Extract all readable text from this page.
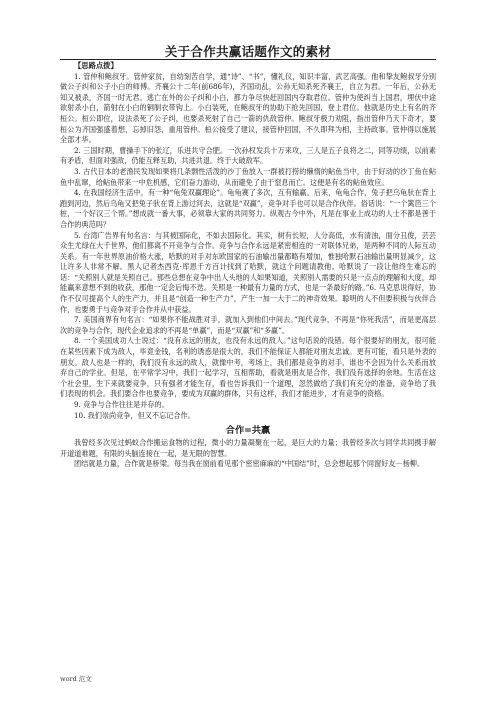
关于合作共赢话题作文的素材
【思路点拨】

1. 管仲和鲍叔牙。管仲家贫，自幼刻苦自学，通“诗”、“书”，懂礼仪，知识丰富，武艺高强。他和挚友鲍叔牙分别做公子纠和公子小白的师傅。齐襄公十二年(前686年)，齐国动乱，公孙无知杀死齐襄王，自立为君。一年后，公孙无知又被杀，齐国一时无君。逃亡在外的公子纠和小白，都力争尽快赶回国内夺取君位。管仲为使纠当上国君，埋伏中途欲射杀小白，箭射在小白的铜制衣带钩上。小白装死，在鲍叔牙的协助下抢先回国，登上君位。他就是历史上有名的齐桓公。桓公即位，设法杀死了公子纠，也要杀死射了自己一箭的仇敌管仲。鲍叔牙极力劝阻，指出管仲乃天下奇才，要桓公为齐国强盛着想，忘掉旧怨，重用管仲。桓公接受了建议，接管仲回国，不久即拜为相，主持政事。管仲得以施展全部才华。

2. 三国时期，曹操手下的张辽，乐进共守合肥。一次孙权发兵十万来攻，三人是五子良将之二，同等功绩，以前素有矛盾，但面对强敌，仍能互释互助，共进共退。终于大破敌军。

3. 古代日本的老渔民发现如果将几条剽性活泼的沙丁鱼放入一群被打捞的懒惰的鲇鱼当中，由于好动的沙丁鱼在鲇鱼中乱窜，给鲇鱼带来一中危机感，它们奋力游动，从而避免了由于窒息而亡。这便是有名的鲇鱼效应。

4. 在我国经济生活中，有一种“龟兔双赢理论”。龟龟赛了多次，互有输赢。后来，龟龟合作，兔子把乌龟驮在背上跑到河边，然后乌龟又把兔子驮在背上游过河去，这就是“双赢”，竞争对手也可以是合作伙伴。俗话说：“一个篱笆三个桩，一个好汉三个帮。”想成就一番大事，必须靠大家的共同努力。纵观古今中外，凡是在事业上成功的人士不都是善于合作的典范吗？

5. 台湾广告界有句名言：与其被国际化，不如去国际化。其实，树有长短，人分高低，水有清浊，面分丑俊，芸芸众生尤绿在大千世界，他们都离不开竞争与合作。竞争与合作永远是紧密相连的一对联体兄弟，是两种不同的人际互动关系。有一年世界原油价格大涨，哈默的对手对东欧国家的石油输出量都略有增加，惟独哈默石油输出量明显减少，这让许多人非常不解。黑人记者杰西克·库恩千方百计找到了哈默，就这个问题请教他。哈默说了一段让他终生难忘的话：“关照别人就是关照自己。那些总想在竞争中出人头地的人如果知道，关照别人需要的只是一点点的理解和大度，却能赢来意想不到的收获，那他一定会后悔不迭。关照是一种最有力量的方式，也是一条最好的路。”6. 马克思说得好，协作不仅可提高个人的生产力，并且是“创造一种生产力”，产生一加一大于二的神奇效果。聪明的人不但要积极与伙伴合作，也要勇于与竞争对手合作并从中获益。

7. 美国商界有句名言：“如果你不能战胜对手，就加入到他们中间去。”现代竞争，不再是“你死我活”，而是更高层次的竞争与合作，现代企业追求的不再是“单赢”，而是“双赢”和“多赢”。

8. 一个美国成功人士说过：“没有永远的朋友，也没有永远的敌人。”这句话说的没错。每个很要好的朋友，很可能在某些因素下成为敌人，毕竟金钱，名利的诱惑是很大的，我们不能保证人都能对朋友忠诚。更有可能，看只是外表的朋友。敌人也是一样的，我们没有永远的敌人，就像中考，考场上，我们都是竞争的对手，谁也不会因为什么关系而放弃自己的学业。但是，在平常学习中，我们一起学习，互相帮助，看就是朋友是合作，我们没有选择的余地。生活在这个社会里，生下来就要竞争，只有强者才能生存，看也告诉我们一个道理，忽然做给了我们有充分的准备，竞争给了我们表现的机会。我们要合作也要竞争，要成为双赢的群体，只有这样，我们才能进步，才有竞争的资格。

9. 竞争与合作往往是并存的。

10. 我们崇尚竞争，但又不忘记合作。

合作=共赢

我曾经多次见过蚂蚁合作搬运食物的过程，微小的力量凝聚在一起，是巨大的力量；我曾经多次与同学共同携手解开道道难题，有限的头脑连接在一起，是无限的智慧。

团结就是力量，合作就是桥梁。每当我在窗前看见那个密密麻麻的“中国结”时，总会想起那个同窗好友－杨柳。

word 范文
